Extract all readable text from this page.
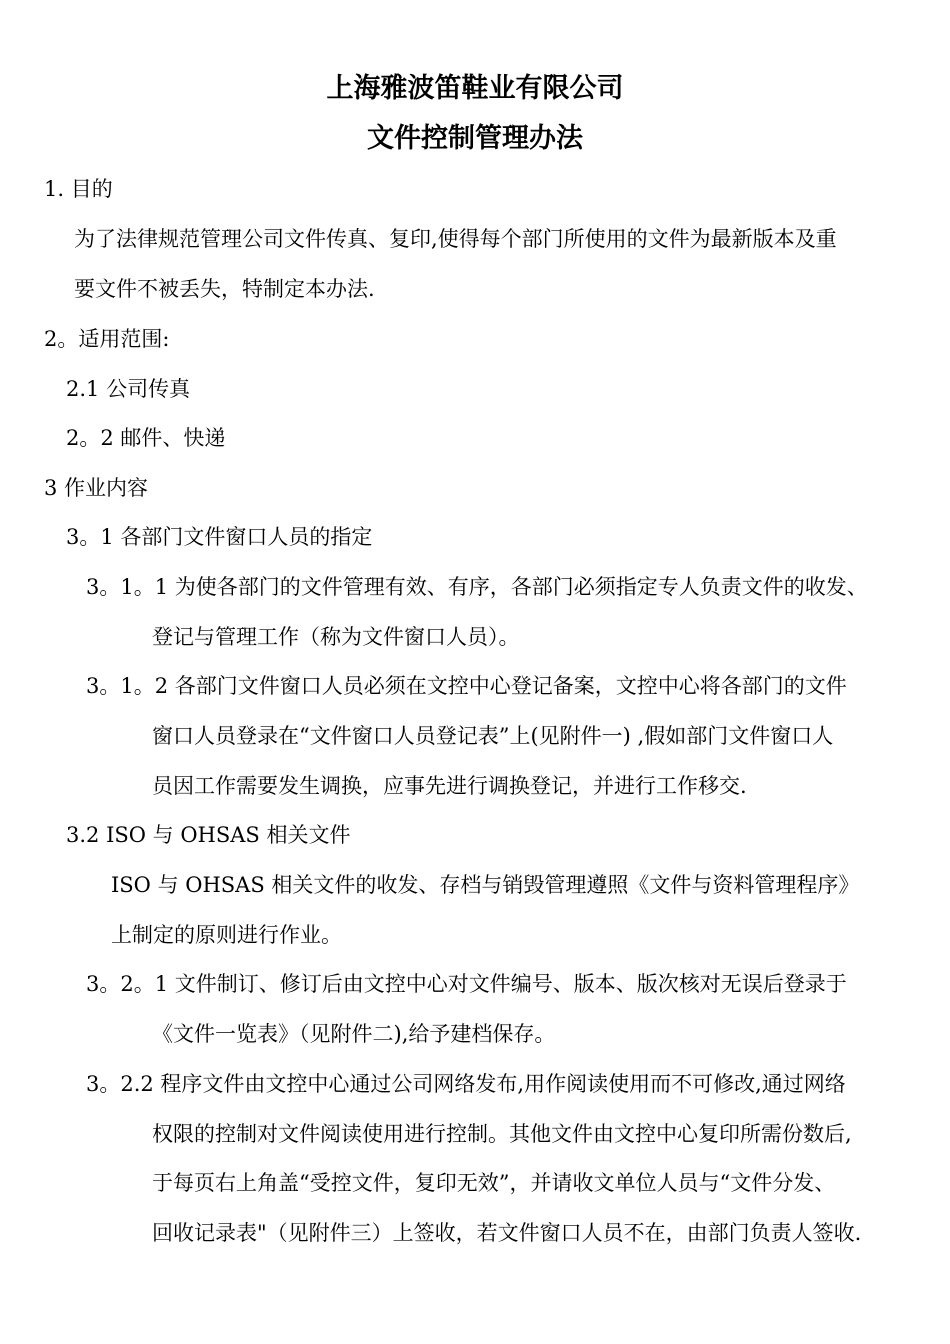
上海雅波笛鞋业有限公司
文件控制管理办法
1. 目的
为了法律规范管理公司文件传真、复印,使得每个部门所使用的文件为最新版本及重
要文件不被丢失，特制定本办法.
2。适用范围:
2.1 公司传真
2。2 邮件、快递
3 作业内容
3。1 各部门文件窗口人员的指定
3。1。1 为使各部门的文件管理有效、有序，各部门必须指定专人负责文件的收发、
登记与管理工作（称为文件窗口人员）。
3。1。2 各部门文件窗口人员必须在文控中心登记备案，文控中心将各部门的文件
窗口人员登录在“文件窗口人员登记表”上(见附件一) ,假如部门文件窗口人
员因工作需要发生调换，应事先进行调换登记，并进行工作移交.
3.2 ISO 与 OHSAS 相关文件
ISO 与 OHSAS 相关文件的收发、存档与销毁管理遵照《文件与资料管理程序》
上制定的原则进行作业。
3。2。1 文件制订、修订后由文控中心对文件编号、版本、版次核对无误后登录于
《文件一览表》（见附件二),给予建档保存。
3。2.2 程序文件由文控中心通过公司网络发布,用作阅读使用而不可修改,通过网络
权限的控制对文件阅读使用进行控制。其他文件由文控中心复印所需份数后,
于每页右上角盖“受控文件，复印无效”，并请收文单位人员与“文件分发、
回收记录表"（见附件三）上签收，若文件窗口人员不在，由部门负责人签收.
